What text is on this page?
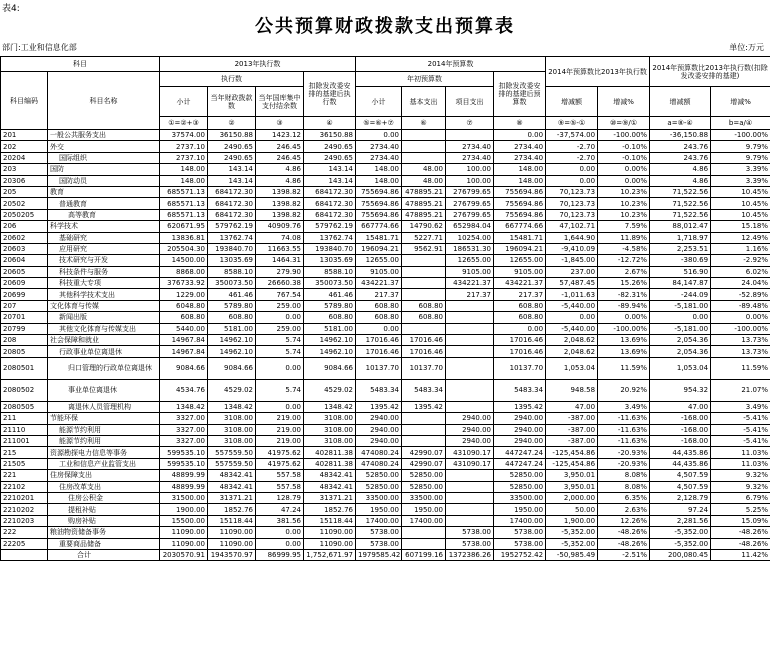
表4:
公共预算财政拨款支出预算表
部门:工业和信息化部	单位:万元
科目		2013年执行数				2014年预算数				2014年预算数比2013年执行数		2014年预算数比2013年执行数(扣除发改委安排的基建)	
科目编码	科目名称	执行数			扣除发改委安排的基建后执行数	年初预算数			扣除发改委安排的基建后预算数				
		小计	当年财政拨款数	当年国库集中支付结余数		小计	基本支出	项目支出		增减额	增减%	增减额	增减%
		①=②+③	②	③	④	⑤=⑥+⑦	⑥	⑦	⑧	⑨=⑤-①	⑩=⑨/①	a=⑧-④	b=a/④
201	一般公共服务支出	37574.00	36150.88	1423.12	36150.88	0.00			0.00	-37,574.00	-100.00%	-36,150.88	-100.00%
202	外交	2737.10	2490.65	246.45	2490.65	2734.40		2734.40	2734.40	-2.70	-0.10%	243.76	9.79%
20204	国际组织	2737.10	2490.65	246.45	2490.65	2734.40		2734.40	2734.40	-2.70	-0.10%	243.76	9.79%
203	国防	148.00	143.14	4.86	143.14	148.00	48.00	100.00	148.00	0.00	0.00%	4.86	3.39%
20306	国防动员	148.00	143.14	4.86	143.14	148.00	48.00	100.00	148.00	0.00	0.00%	4.86	3.39%
205	教育	685571.13	684172.30	1398.82	684172.30	755694.86	478895.21	276799.65	755694.86	70,123.73	10.23%	71,522.56	10.45%
20502	普通教育	685571.13	684172.30	1398.82	684172.30	755694.86	478895.21	276799.65	755694.86	70,123.73	10.23%	71,522.56	10.45%
2050205	高等教育	685571.13	684172.30	1398.82	684172.30	755694.86	478895.21	276799.65	755694.86	70,123.73	10.23%	71,522.56	10.45%
206	科学技术	620671.95	579762.19	40909.76	579762.19	667774.66	14790.62	652984.04	667774.66	47,102.71	7.59%	88,012.47	15.18%
20602	基础研究	13836.81	13762.74	74.08	13762.74	15481.71	5227.71	10254.00	15481.71	1,644.90	11.89%	1,718.97	12.49%
20603	应用研究	205504.30	193840.70	11663.55	193840.70	196094.21	9562.91	186531.30	196094.21	-9,410.09	-4.58%	2,253.51	1.16%
20604	技术研究与开发	14500.00	13035.69	1464.31	13035.69	12655.00		12655.00	12655.00	-1,845.00	-12.72%	-380.69	-2.92%
20605	科技条件与服务	8868.00	8588.10	279.90	8588.10	9105.00		9105.00	9105.00	237.00	2.67%	516.90	6.02%
20609	科技重大专项	376733.92	350073.50	26660.38	350073.50	434221.37		434221.37	434221.37	57,487.45	15.26%	84,147.87	24.04%
20699	其他科学技术支出	1229.00	461.46	767.54	461.46	217.37		217.37	217.37	-1,011.63	-82.31%	-244.09	-52.89%
207	文化体育与传媒	6048.80	5789.80	259.00	5789.80	608.80	608.80		608.80	-5,440.00	-89.94%	-5,181.00	-89.48%
20701	新闻出版	608.80	608.80	0.00	608.80	608.80	608.80		608.80	0.00	0.00%	0.00	0.00%
20799	其他文化体育与传媒支出	5440.00	5181.00	259.00	5181.00	0.00			0.00	-5,440.00	-100.00%	-5,181.00	-100.00%
208	社会保障和就业	14967.84	14962.10	5.74	14962.10	17016.46	17016.46		17016.46	2,048.62	13.69%	2,054.36	13.73%
20805	行政事业单位离退休	14967.84	14962.10	5.74	14962.10	17016.46	17016.46		17016.46	2,048.62	13.69%	2,054.36	13.73%
2080501	归口管理的行政单位离退休	9084.66	9084.66	0.00	9084.66	10137.70	10137.70		10137.70	1,053.04	11.59%	1,053.04	11.59%
2080502	事业单位离退休	4534.76	4529.02	5.74	4529.02	5483.34	5483.34		5483.34	948.58	20.92%	954.32	21.07%
2080505	离退休人员管理机构	1348.42	1348.42	0.00	1348.42	1395.42	1395.42		1395.42	47.00	3.49%	47.00	3.49%
211	节能环保	3327.00	3108.00	219.00	3108.00	2940.00		2940.00	2940.00	-387.00	-11.63%	-168.00	-5.41%
21110	能源节约利用	3327.00	3108.00	219.00	3108.00	2940.00		2940.00	2940.00	-387.00	-11.63%	-168.00	-5.41%
211001	能源节约利用	3327.00	3108.00	219.00	3108.00	2940.00		2940.00	2940.00	-387.00	-11.63%	-168.00	-5.41%
215	资源勘探电力信息等事务	599535.10	557559.50	41975.62	402811.38	474080.24	42990.07	431090.17	447247.24	-125,454.86	-20.93%	44,435.86	11.03%
21505	工业和信息产业监管支出	599535.10	557559.50	41975.62	402811.38	474080.24	42990.07	431090.17	447247.24	-125,454.86	-20.93%	44,435.86	11.03%
221	住房保障支出	48899.99	48342.41	557.58	48342.41	52850.00	52850.00		52850.00	3,950.01	8.08%	4,507.59	9.32%
22102	住房改革支出	48899.99	48342.41	557.58	48342.41	52850.00	52850.00		52850.00	3,950.01	8.08%	4,507.59	9.32%
2210201	住房公积金	31500.00	31371.21	128.79	31371.21	33500.00	33500.00		33500.00	2,000.00	6.35%	2,128.79	6.79%
2210202	提租补贴	1900.00	1852.76	47.24	1852.76	1950.00	1950.00		1950.00	50.00	2.63%	97.24	5.25%
2210203	购房补贴	15500.00	15118.44	381.56	15118.44	17400.00	17400.00		17400.00	1,900.00	12.26%	2,281.56	15.09%
222	粮油物资储备事务	11090.00	11090.00	0.00	11090.00	5738.00		5738.00	5738.00	-5,352.00	-48.26%	-5,352.00	-48.26%
22205	重要商品储备	11090.00	11090.00	0.00	11090.00	5738.00		5738.00	5738.00	-5,352.00	-48.26%	-5,352.00	-48.26%
	合计	2030570.91	1943570.97	86999.95	1,752,671.97	1979585.42	607199.16	1372386.26	1952752.42	-50,985.49	-2.51%	200,080.45	11.42%
